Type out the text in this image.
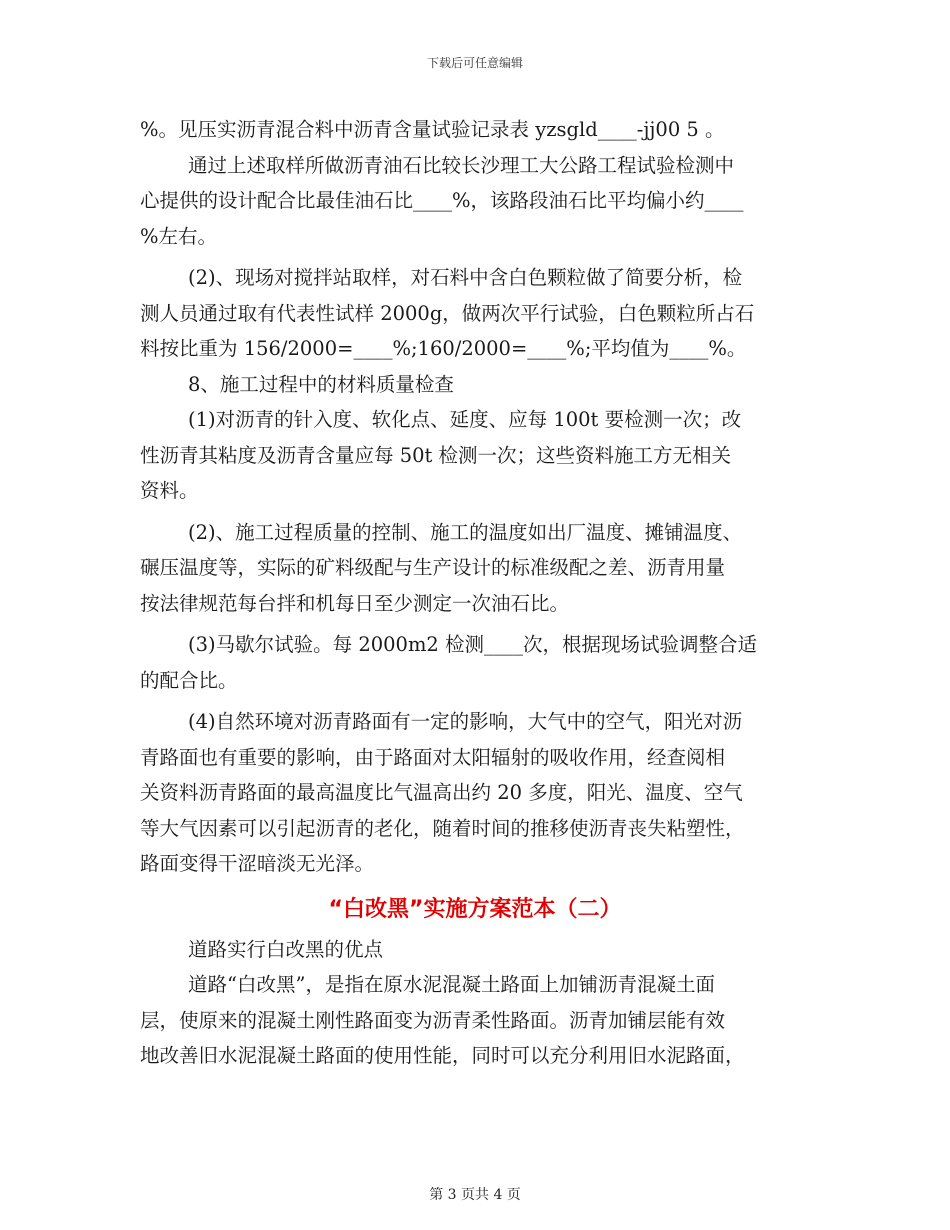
下载后可任意编辑

%。见压实沥青混合料中沥青含量试验记录表 yzsgld____-jj00 5 。

通过上述取样所做沥青油石比较长沙理工大公路工程试验检测中
心提供的设计配合比最佳油石比____%，该路段油石比平均偏小约____
%左右。

(2)、现场对搅拌站取样，对石料中含白色颗粒做了简要分析，检
测人员通过取有代表性试样 2000g，做两次平行试验，白色颗粒所占石
料按比重为 156/2000=____%;160/2000=____%;平均值为____%。

8、施工过程中的材料质量检查

(1)对沥青的针入度、软化点、延度、应每 100t 要检测一次；改
性沥青其粘度及沥青含量应每 50t 检测一次；这些资料施工方无相关
资料。

(2)、施工过程质量的控制、施工的温度如出厂温度、摊铺温度、
碾压温度等，实际的矿料级配与生产设计的标准级配之差、沥青用量
按法律规范每台拌和机每日至少测定一次油石比。

(3)马歇尔试验。每 2000m2 检测____次，根据现场试验调整合适
的配合比。

(4)自然环境对沥青路面有一定的影响，大气中的空气，阳光对沥
青路面也有重要的影响，由于路面对太阳辐射的吸收作用，经查阅相
关资料沥青路面的最高温度比气温高出约 20 多度，阳光、温度、空气
等大气因素可以引起沥青的老化，随着时间的推移使沥青丧失粘塑性，
路面变得干涩暗淡无光泽。

“白改黑”实施方案范本（二）

道路实行白改黑的优点

道路“白改黑”，是指在原水泥混凝土路面上加铺沥青混凝土面
层，使原来的混凝土刚性路面变为沥青柔性路面。沥青加铺层能有效
地改善旧水泥混凝土路面的使用性能，同时可以充分利用旧水泥路面，

第 3 页共 4 页
